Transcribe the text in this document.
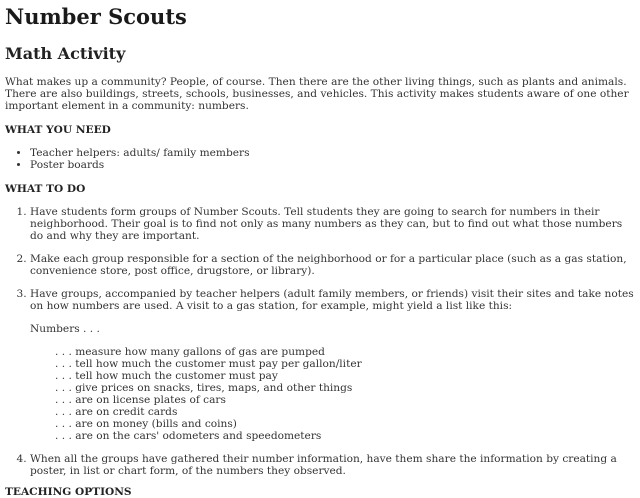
Number Scouts
Math Activity

What makes up a community? People, of course. Then there are the other living things, such as plants and animals. There are also buildings, streets, schools, businesses, and vehicles. This activity makes students aware of one other important element in a community: numbers.

WHAT YOU NEED
• Teacher helpers: adults/ family members
• Poster boards
WHAT TO DO
1. Have students form groups of Number Scouts. Tell students they are going to search for numbers in their neighborhood. Their goal is to find not only as many numbers as they can, but to find out what those numbers do and why they are important.
2. Make each group responsible for a section of the neighborhood or for a particular place (such as a gas station, convenience store, post office, drugstore, or library).
3. Have groups, accompanied by teacher helpers (adult family members, or friends) visit their sites and take notes on how numbers are used. A visit to a gas station, for example, might yield a list like this:

Numbers . . .

. . . measure how many gallons of gas are pumped
. . . tell how much the customer must pay per gallon/liter
. . . tell how much the customer must pay
. . . give prices on snacks, tires, maps, and other things
. . . are on license plates of cars
. . . are on credit cards
. . . are on money (bills and coins)
. . . are on the cars' odometers and speedometers
4. When all the groups have gathered their number information, have them share the information by creating a poster, in list or chart form, of the numbers they observed.
TEACHING OPTIONS
